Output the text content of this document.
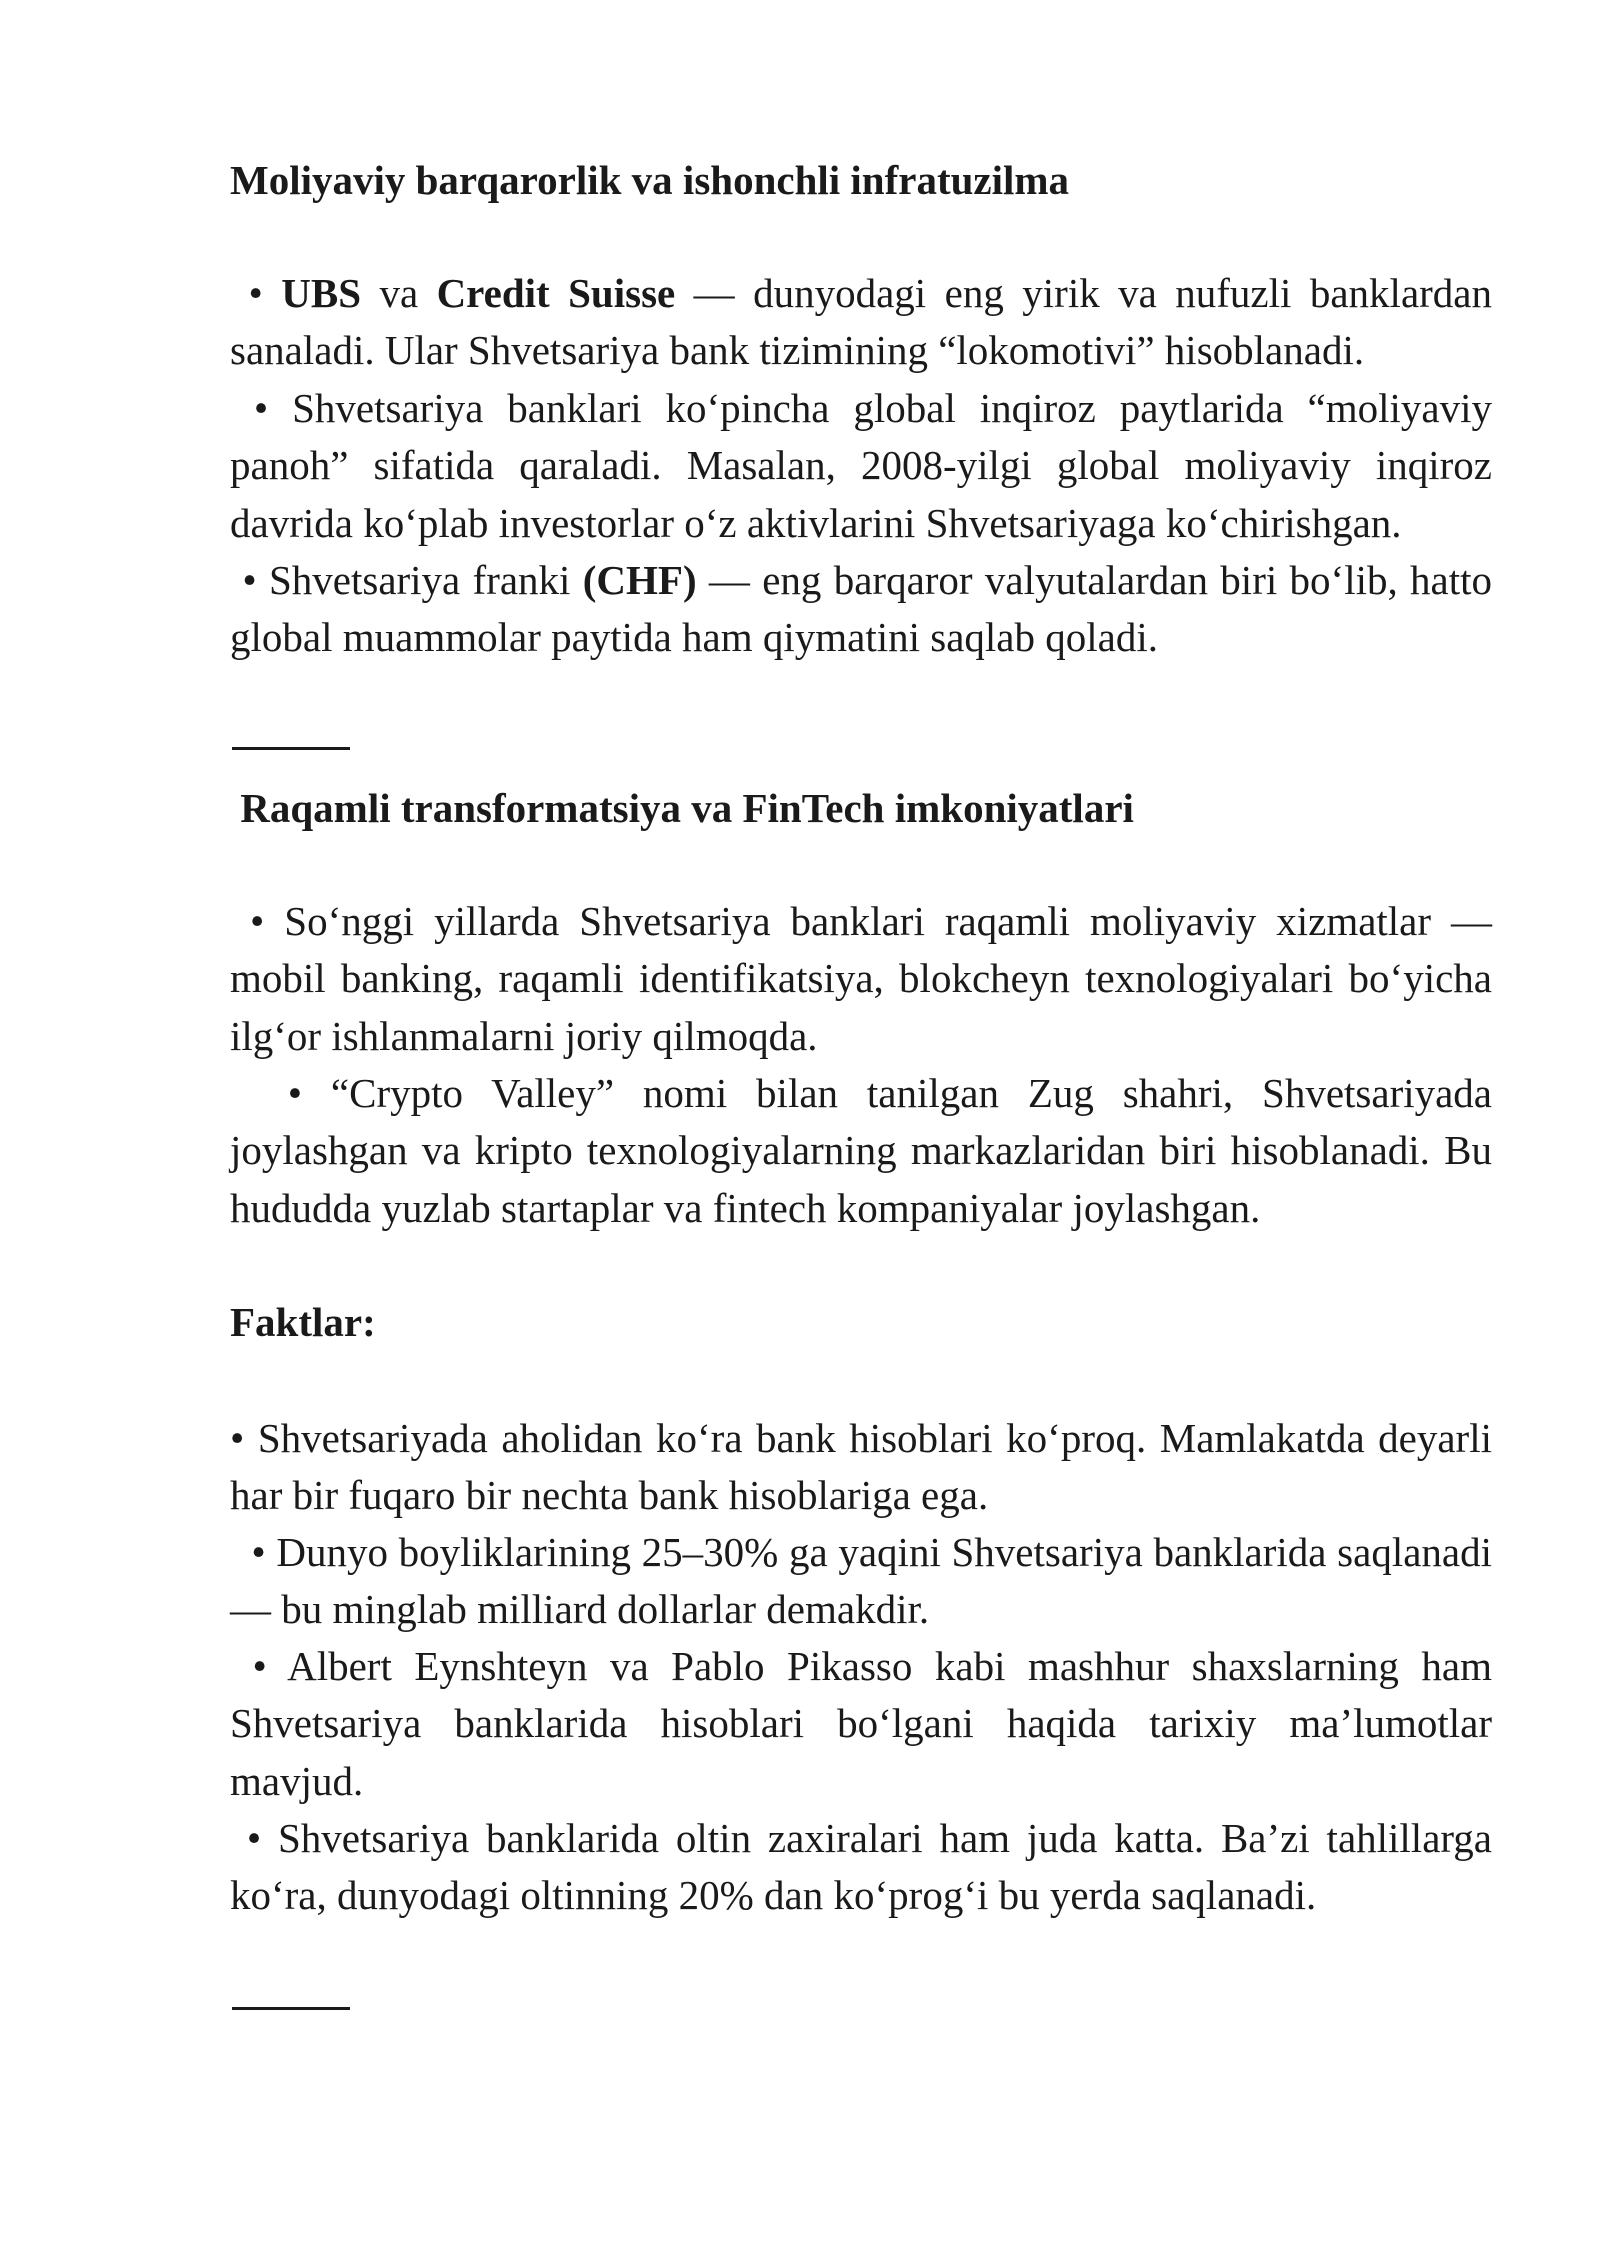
Moliyaviy barqarorlik va ishonchli infratuzilma

• UBS va Credit Suisse — dunyodagi eng yirik va nufuzli banklardan sanaladi. Ular Shvetsariya bank tizimining “lokomotivi” hisoblanadi.

• Shvetsariya banklari ko‘pincha global inqiroz paytlarida “moliyaviy panoh” sifatida qaraladi. Masalan, 2008-yilgi global moliyaviy inqiroz davrida ko‘plab investorlar o‘z aktivlarini Shvetsariyaga ko‘chirishgan.

• Shvetsariya franki (CHF) — eng barqaror valyutalardan biri bo‘lib, hatto global muammolar paytida ham qiymatini saqlab qoladi.

Raqamli transformatsiya va FinTech imkoniyatlari

• So‘nggi yillarda Shvetsariya banklari raqamli moliyaviy xizmatlar — mobil banking, raqamli identifikatsiya, blokcheyn texnologiyalari bo‘yicha ilg‘or ishlanmalarni joriy qilmoqda.

• “Crypto Valley” nomi bilan tanilgan Zug shahri, Shvetsariyada joylashgan va kripto texnologiyalarning markazlaridan biri hisoblanadi. Bu hududda yuzlab startaplar va fintech kompaniyalar joylashgan.

Faktlar:

• Shvetsariyada aholidan ko‘ra bank hisoblari ko‘proq. Mamlakatda deyarli har bir fuqaro bir nechta bank hisoblariga ega.

• Dunyo boyliklarining 25–30% ga yaqini Shvetsariya banklarida saqlanadi — bu minglab milliard dollarlar demakdir.

• Albert Eynshteyn va Pablo Pikasso kabi mashhur shaxslarning ham Shvetsariya banklarida hisoblari bo‘lgani haqida tarixiy ma’lumotlar mavjud.

• Shvetsariya banklarida oltin zaxiralari ham juda katta. Ba’zi tahlillarga ko‘ra, dunyodagi oltinning 20% dan ko‘prog‘i bu yerda saqlanadi.
